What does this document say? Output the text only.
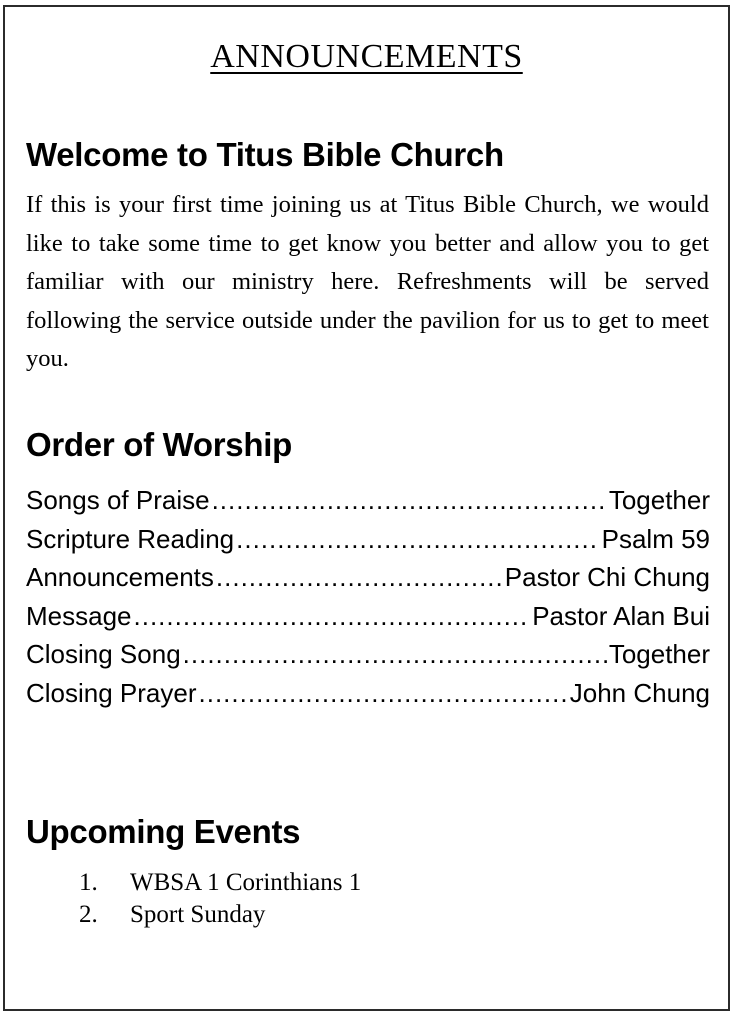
announcements
Welcome to Titus Bible Church

If this is your first time joining us at Titus Bible Church, we would like to take some time to get know you better and allow you to get familiar with our ministry here. Refreshments will be served following the service outside under the pavilion for us to get to meet you.

Order of Worship
Songs of Praise .....	Together
Scripture Reading .....	Psalm 59
Announcements .....	Pastor Chi Chung
Message .....	Pastor Alan Bui
Closing Song .....	Together
Closing Prayer .....	John Chung
Upcoming Events
1.	WBSA 1 Corinthians 1
2.	Sport Sunday
